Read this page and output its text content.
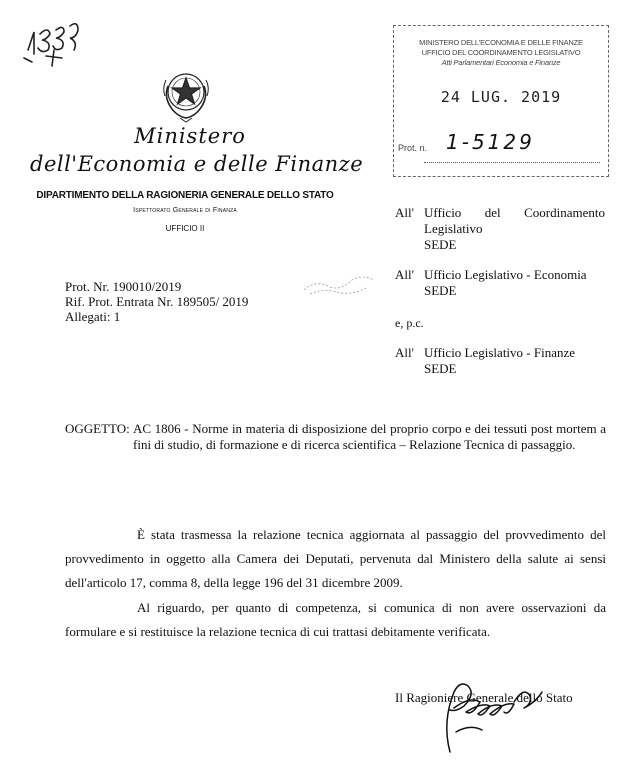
Ministero
dell'Economia e delle Finanze
DIPARTIMENTO DELLA RAGIONERIA GENERALE DELLO STATO
Ispettorato Generale di Finanza
UFFICIO II
MINISTERO DELL'ECONOMIA E DELLE FINANZE
UFFICIO DEL COORDINAMENTO LEGISLATIVO
Atti Parlamentari Economia e Finanze
24 LUG. 2019
Prot. n. 1-5129
All' Ufficio del Coordinamento
Legislativo
SEDE
All' Ufficio Legislativo - Economia
SEDE
e, p.c.
All' Ufficio Legislativo - Finanze
SEDE
Prot. Nr. 190010/2019
Rif. Prot. Entrata Nr. 189505/ 2019
Allegati: 1
OGGETTO: AC 1806 - Norme in materia di disposizione del proprio corpo e dei tessuti post mortem a fini di studio, di formazione e di ricerca scientifica – Relazione Tecnica di passaggio.
È stata trasmessa la relazione tecnica aggiornata al passaggio del provvedimento del provvedimento in oggetto alla Camera dei Deputati, pervenuta dal Ministero della salute ai sensi dell'articolo 17, comma 8, della legge 196 del 31 dicembre 2009.
Al riguardo, per quanto di competenza, si comunica di non avere osservazioni da formulare e si restituisce la relazione tecnica di cui trattasi debitamente verificata.
Il Ragioniere Generale dello Stato
